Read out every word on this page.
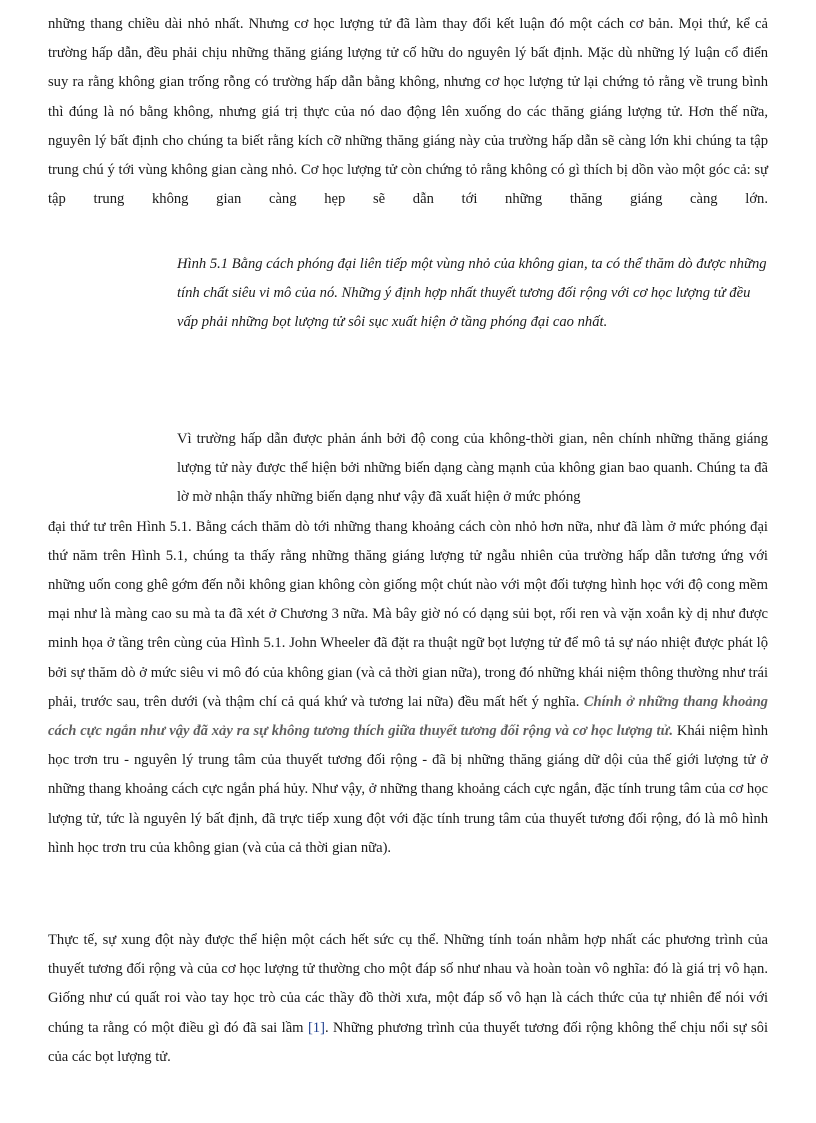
những thang chiều dài nhỏ nhất. Nhưng cơ học lượng tử đã làm thay đổi kết luận đó một cách cơ bản. Mọi thứ, kể cả trường hấp dẫn, đều phải chịu những thăng giáng lượng tử cố hữu do nguyên lý bất định. Mặc dù những lý luận cổ điển suy ra rằng không gian trống rỗng có trường hấp dẫn bằng không, nhưng cơ học lượng tử lại chứng tỏ rằng về trung bình thì đúng là nó bằng không, nhưng giá trị thực của nó dao động lên xuống do các thăng giáng lượng tử. Hơn thế nữa, nguyên lý bất định cho chúng ta biết rằng kích cỡ những thăng giáng này của trường hấp dẫn sẽ càng lớn khi chúng ta tập trung chú ý tới vùng không gian càng nhỏ. Cơ học lượng tử còn chứng tỏ rằng không có gì thích bị dồn vào một góc cả: sự tập trung không gian càng hẹp sẽ dẫn tới những thăng giáng càng lớn.

Hình 5.1 Bằng cách phóng đại liên tiếp một vùng nhỏ của không gian, ta có thể thăm dò được những tính chất siêu vi mô của nó. Những ý định hợp nhất thuyết tương đối rộng với cơ học lượng tử đều vấp phải những bọt lượng tử sôi sục xuất hiện ở tầng phóng đại cao nhất.

Vì trường hấp dẫn được phản ánh bởi độ cong của không-thời gian, nên chính những thăng giáng lượng tử này được thể hiện bởi những biến dạng càng mạnh của không gian bao quanh. Chúng ta đã lờ mờ nhận thấy những biến dạng như vậy đã xuất hiện ở mức phóng
đại thứ tư trên Hình 5.1. Bằng cách thăm dò tới những thang khoảng cách còn nhỏ hơn nữa, như đã làm ở mức phóng đại thứ năm trên Hình 5.1, chúng ta thấy rằng những thăng giáng lượng tử ngẫu nhiên của trường hấp dẫn tương ứng với những uốn cong ghê gớm đến nỗi không gian không còn giống một chút nào với một đối tượng hình học với độ cong mềm mại như là màng cao su mà ta đã xét ở Chương 3 nữa. Mà bây giờ nó có dạng sủi bọt, rối ren và vặn xoắn kỳ dị như được minh họa ở tầng trên cùng của Hình 5.1. John Wheeler đã đặt ra thuật ngữ bọt lượng tử để mô tả sự náo nhiệt được phát lộ bởi sự thăm dò ở mức siêu vi mô đó của không gian (và cả thời gian nữa), trong đó những khái niệm thông thường như trái phải, trước sau, trên dưới (và thậm chí cả quá khứ và tương lai nữa) đều mất hết ý nghĩa. Chính ở những thang khoảng cách cực ngắn như vậy đã xảy ra sự không tương thích giữa thuyết tương đối rộng và cơ học lượng tử. Khái niệm hình học trơn tru - nguyên lý trung tâm của thuyết tương đối rộng - đã bị những thăng giáng dữ dội của thế giới lượng tử ở những thang khoảng cách cực ngắn phá hủy. Như vậy, ở những thang khoảng cách cực ngắn, đặc tính trung tâm của cơ học lượng tử, tức là nguyên lý bất định, đã trực tiếp xung đột với đặc tính trung tâm của thuyết tương đối rộng, đó là mô hình hình học trơn tru của không gian (và của cả thời gian nữa).

Thực tế, sự xung đột này được thể hiện một cách hết sức cụ thể. Những tính toán nhằm hợp nhất các phương trình của thuyết tương đối rộng và của cơ học lượng tử thường cho một đáp số như nhau và hoàn toàn vô nghĩa: đó là giá trị vô hạn. Giống như cú quất roi vào tay học trò của các thầy đồ thời xưa, một đáp số vô hạn là cách thức của tự nhiên để nói với chúng ta rằng có một điều gì đó đã sai lầm [1]. Những phương trình của thuyết tương đối rộng không thể chịu nổi sự sôi của các bọt lượng tử.
